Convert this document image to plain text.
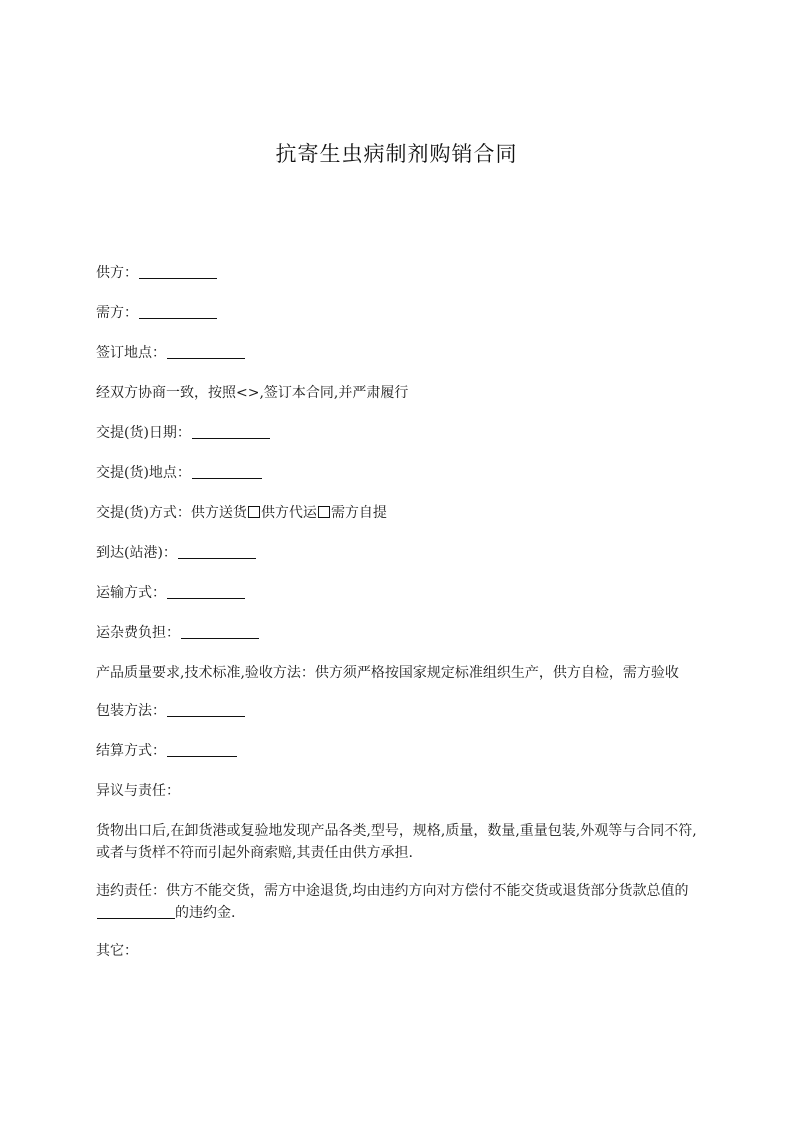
抗寄生虫病制剂购销合同

供方：

需方：

签订地点：

经双方协商一致，按照<>,签订本合同,并严肃履行

交提(货)日期：

交提(货)地点：

交提(货)方式：供方送货 供方代运 需方自提

到达(站港)：

运输方式：

运杂费负担：

产品质量要求,技术标准,验收方法：供方须严格按国家规定标准组织生产，供方自检，需方验收

包装方法：

结算方式：

异议与责任：

货物出口后,在卸货港或复验地发现产品各类,型号，规格,质量，数量,重量包装,外观等与合同不符,或者与货样不符而引起外商索赔,其责任由供方承担.

违约责任：供方不能交货，需方中途退货,均由违约方向对方偿付不能交货或退货部分货款总值的的违约金.

其它：
